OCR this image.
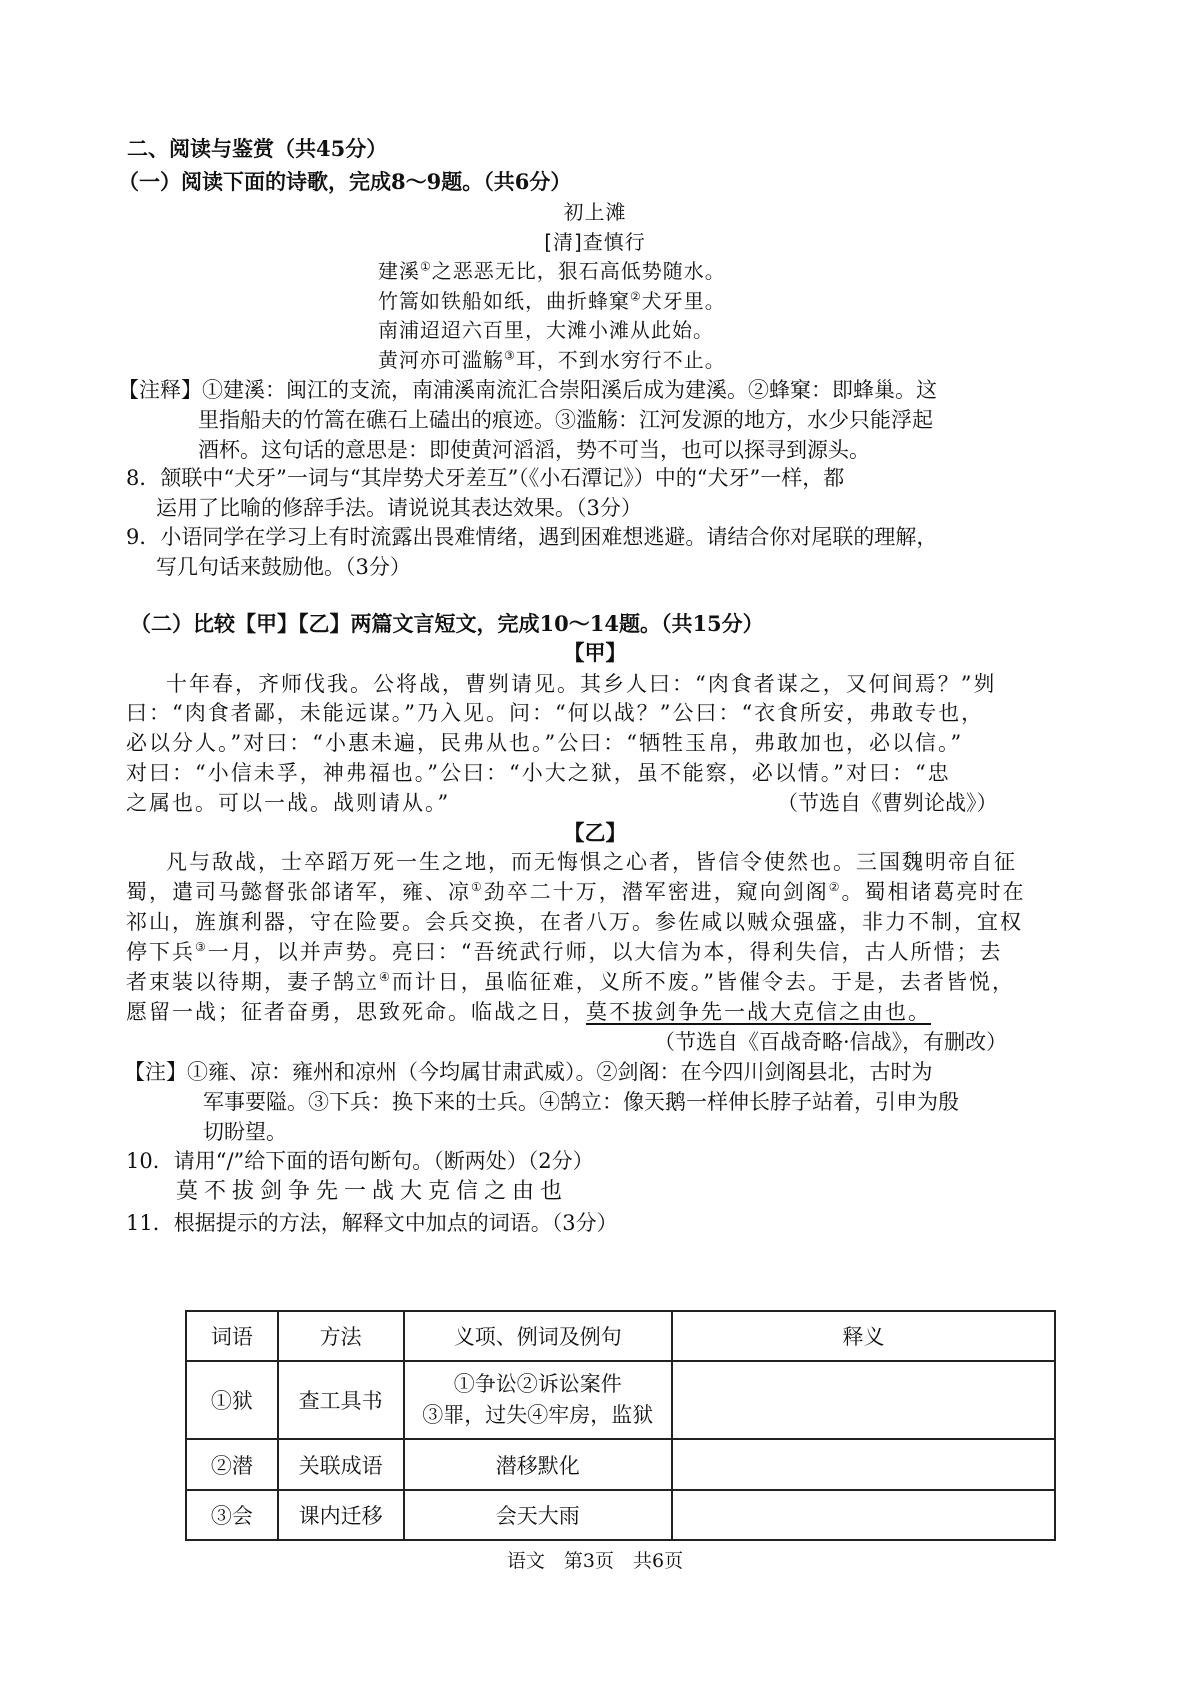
二、阅读与鉴赏（共45分）
（一）阅读下面的诗歌，完成8～9题。（共6分）
初上滩
[清]查慎行
建溪①之恶恶无比，狠石高低势随水。
竹篙如铁船如纸，曲折蜂窠②犬牙里。
南浦迢迢六百里，大滩小滩从此始。
黄河亦可滥觞③耳，不到水穷行不止。
【注释】①建溪：闽江的支流，南浦溪南流汇合崇阳溪后成为建溪。②蜂窠：即蜂巢。这
里指船夫的竹篙在礁石上磕出的痕迹。③滥觞：江河发源的地方，水少只能浮起
酒杯。这句话的意思是：即使黄河滔滔，势不可当，也可以探寻到源头。
8．颔联中“犬牙”一词与“其岸势犬牙差互”（《小石潭记》）中的“犬牙”一样，都
运用了比喻的修辞手法。请说说其表达效果。（3分）
9．小语同学在学习上有时流露出畏难情绪，遇到困难想逃避。请结合你对尾联的理解，
写几句话来鼓励他。（3分）
（二）比较【甲】【乙】两篇文言短文，完成10～14题。（共15分）
【甲】
十年春，齐师伐我。公将战，曹刿请见。其乡人曰：“肉食者谋之，又何间焉？”刿
曰：“肉食者鄙，未能远谋。”乃入见。问：“何以战？”公曰：“衣食所安，弗敢专也，
必以分人。”对曰：“小惠未遍，民弗从也。”公曰：“牺牲玉帛，弗敢加也，必以信。”
对曰：“小信未孚，神弗福也。”公曰：“小大之狱，虽不能察，必以情。”对曰：“忠
之属也。可以一战。战则请从。”	（节选自《曹刿论战》）
【乙】
凡与敌战，士卒蹈万死一生之地，而无悔惧之心者，皆信令使然也。三国魏明帝自征
蜀，遣司马懿督张郃诸军，雍、凉①劲卒二十万，潜军密进，窥向剑阁②。蜀相诸葛亮时在
祁山，旌旗利器，守在险要。会兵交换，在者八万。参佐咸以贼众强盛，非力不制，宜权
停下兵③一月，以并声势。亮曰：“吾统武行师，以大信为本，得利失信，古人所惜；去
者束装以待期，妻子鹄立④而计日，虽临征难，义所不废。”皆催令去。于是，去者皆悦，
愿留一战；征者奋勇，思致死命。临战之日，莫不拔剑争先一战大克信之由也。
（节选自《百战奇略·信战》，有删改）
【注】①雍、凉：雍州和凉州（今均属甘肃武威）。②剑阁：在今四川剑阁县北，古时为
军事要隘。③下兵：换下来的士兵。④鹄立：像天鹅一样伸长脖子站着，引申为殷
切盼望。
10．请用“/”给下面的语句断句。（断两处）（2分）
莫不拔剑争先一战大克信之由也
11．根据提示的方法，解释文中加点的词语。（3分）
词语	方法	义项、例词及例句	释义
①狱	查工具书	①争讼②诉讼案件
③罪，过失④牢房，监狱	

②潜	关联成语	潜移默化	
③会	课内迁移	会天大雨	
语文　第3页　共6页
